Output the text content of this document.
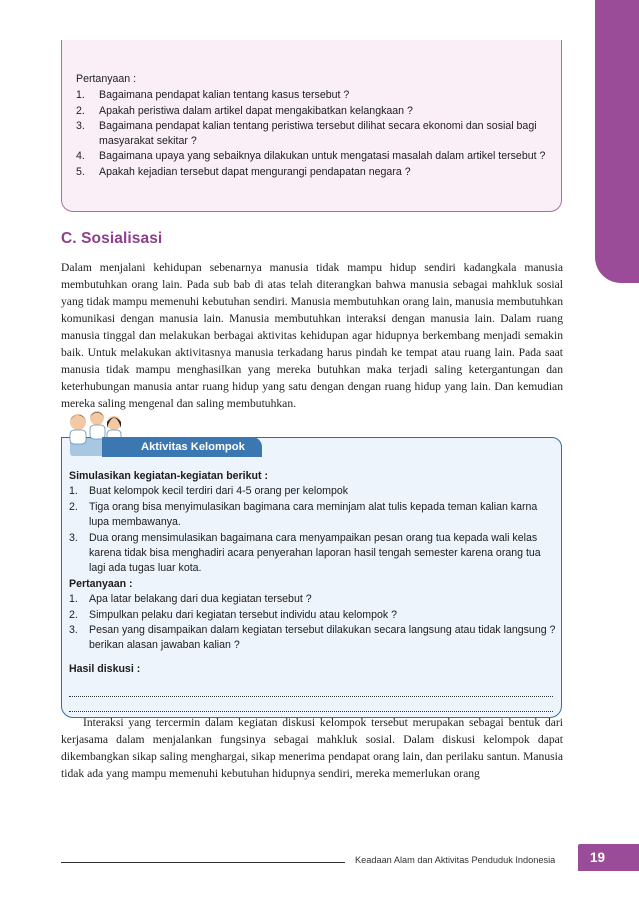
Pertanyaan :
1.	Bagaimana pendapat kalian tentang kasus tersebut ?
2.	Apakah peristiwa dalam artikel dapat mengakibatkan kelangkaan ?
3.	Bagaimana pendapat kalian tentang peristiwa tersebut dilihat secara ekonomi dan sosial bagi masyarakat sekitar ?
4.	Bagaimana upaya yang sebaiknya dilakukan untuk mengatasi masalah dalam artikel tersebut ?
5.	Apakah kejadian tersebut dapat mengurangi pendapatan negara ?
C. Sosialisasi

Dalam menjalani kehidupan sebenarnya manusia tidak mampu hidup sendiri kadangkala manusia membutuhkan orang lain. Pada sub bab di atas telah diterangkan bahwa manusia sebagai mahkluk sosial yang tidak mampu memenuhi kebutuhan sendiri. Manusia membutuhkan orang lain, manusia membutuhkan komunikasi dengan manusia lain. Manusia membutuhkan interaksi dengan manusia lain. Dalam ruang manusia tinggal dan melakukan berbagai aktivitas kehidupan agar hidupnya berkembang menjadi semakin baik. Untuk melakukan aktivitasnya manusia terkadang harus pindah ke tempat atau ruang lain. Pada saat manusia tidak mampu menghasilkan yang mereka butuhkan maka terjadi saling ketergantungan dan keterhubungan manusia antar ruang hidup yang satu dengan dengan ruang hidup yang lain. Dan kemudian mereka saling mengenal dan saling membutuhkan.

Aktivitas Kelompok
Simulasikan kegiatan-kegiatan berikut :
1.	Buat kelompok kecil terdiri dari 4-5 orang per kelompok
2.	Tiga orang bisa menyimulasikan bagimana cara meminjam alat tulis kepada teman kalian karna lupa membawanya.
3.	Dua orang mensimulasikan bagaimana cara menyampaikan pesan orang tua kepada wali kelas karena tidak bisa menghadiri acara penyerahan laporan hasil tengah semester karena orang tua lagi ada tugas luar kota.
Pertanyaan :
1.	Apa latar belakang dari dua kegiatan tersebut ?
2.	Simpulkan pelaku dari kegiatan tersebut individu atau kelompok ?
3.	Pesan yang disampaikan dalam kegiatan tersebut dilakukan secara langsung atau tidak langsung ? berikan alasan jawaban kalian ?
Hasil diskusi :

Interaksi yang tercermin dalam kegiatan diskusi kelompok tersebut merupakan sebagai bentuk dari kerjasama dalam menjalankan fungsinya sebagai mahkluk sosial. Dalam diskusi kelompok dapat dikembangkan sikap saling menghargai, sikap menerima pendapat orang lain, dan perilaku santun. Manusia tidak ada yang mampu memenuhi kebutuhan hidupnya sendiri, mereka memerlukan orang

Keadaan Alam dan Aktivitas Penduduk Indonesia	19
